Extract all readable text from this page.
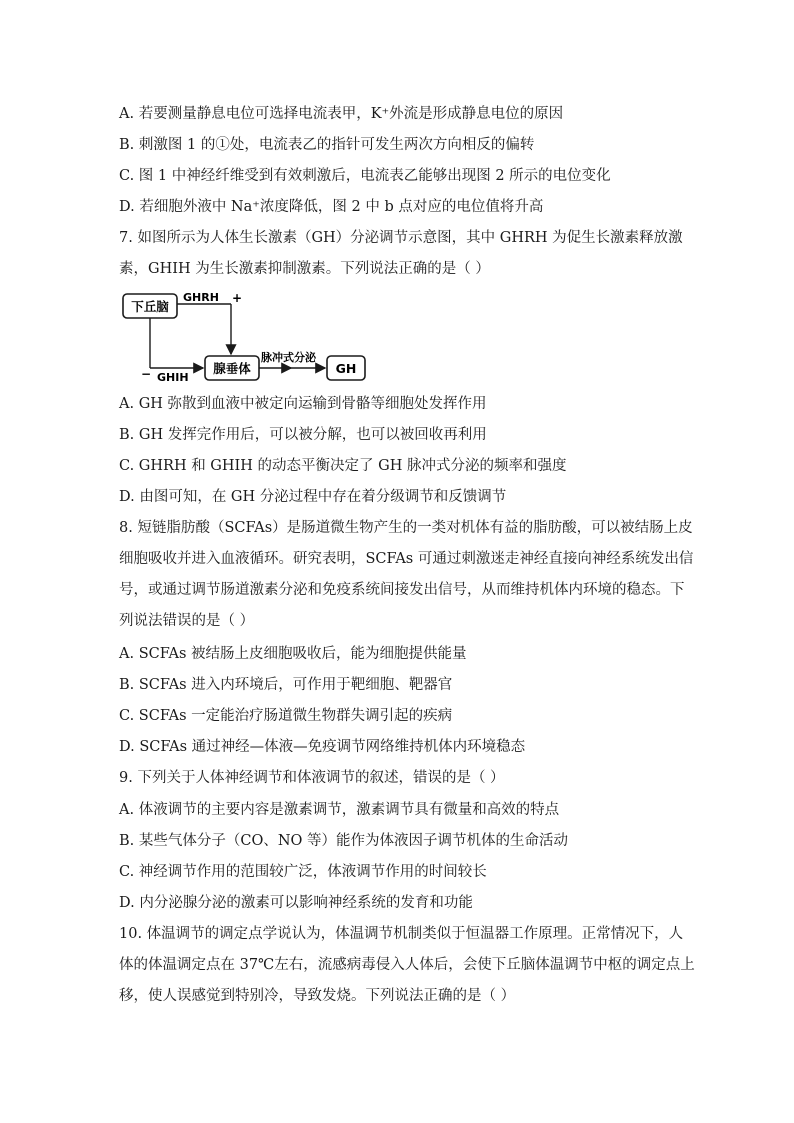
A. 若要测量静息电位可选择电流表甲，K⁺外流是形成静息电位的原因
B. 刺激图 1 的①处，电流表乙的指针可发生两次方向相反的偏转
C. 图 1 中神经纤维受到有效刺激后，电流表乙能够出现图 2 所示的电位变化
D. 若细胞外液中 Na⁺浓度降低，图 2 中 b 点对应的电位值将升高
7. 如图所示为人体生长激素（GH）分泌调节示意图，其中 GHRH 为促生长激素释放激
素，GHIH 为生长激素抑制激素。下列说法正确的是（ ）
下丘脑
GHRH +
− GHIH
腺垂体
脉冲式分泌
GH
A. GH 弥散到血液中被定向运输到骨骼等细胞处发挥作用
B. GH 发挥完作用后，可以被分解，也可以被回收再利用
C. GHRH 和 GHIH 的动态平衡决定了 GH 脉冲式分泌的频率和强度
D. 由图可知，在 GH 分泌过程中存在着分级调节和反馈调节
8. 短链脂肪酸（SCFAs）是肠道微生物产生的一类对机体有益的脂肪酸，可以被结肠上皮
细胞吸收并进入血液循环。研究表明，SCFAs 可通过刺激迷走神经直接向神经系统发出信
号，或通过调节肠道激素分泌和免疫系统间接发出信号，从而维持机体内环境的稳态。下
列说法错误的是（ ）
A. SCFAs 被结肠上皮细胞吸收后，能为细胞提供能量
B. SCFAs 进入内环境后，可作用于靶细胞、靶器官
C. SCFAs 一定能治疗肠道微生物群失调引起的疾病
D. SCFAs 通过神经—体液—免疫调节网络维持机体内环境稳态
9. 下列关于人体神经调节和体液调节的叙述，错误的是（ ）
A. 体液调节的主要内容是激素调节，激素调节具有微量和高效的特点
B. 某些气体分子（CO、NO 等）能作为体液因子调节机体的生命活动
C. 神经调节作用的范围较广泛，体液调节作用的时间较长
D. 内分泌腺分泌的激素可以影响神经系统的发育和功能
10. 体温调节的调定点学说认为，体温调节机制类似于恒温器工作原理。正常情况下，人
体的体温调定点在 37℃左右，流感病毒侵入人体后，会使下丘脑体温调节中枢的调定点上
移，使人误感觉到特别冷，导致发烧。下列说法正确的是（ ）
